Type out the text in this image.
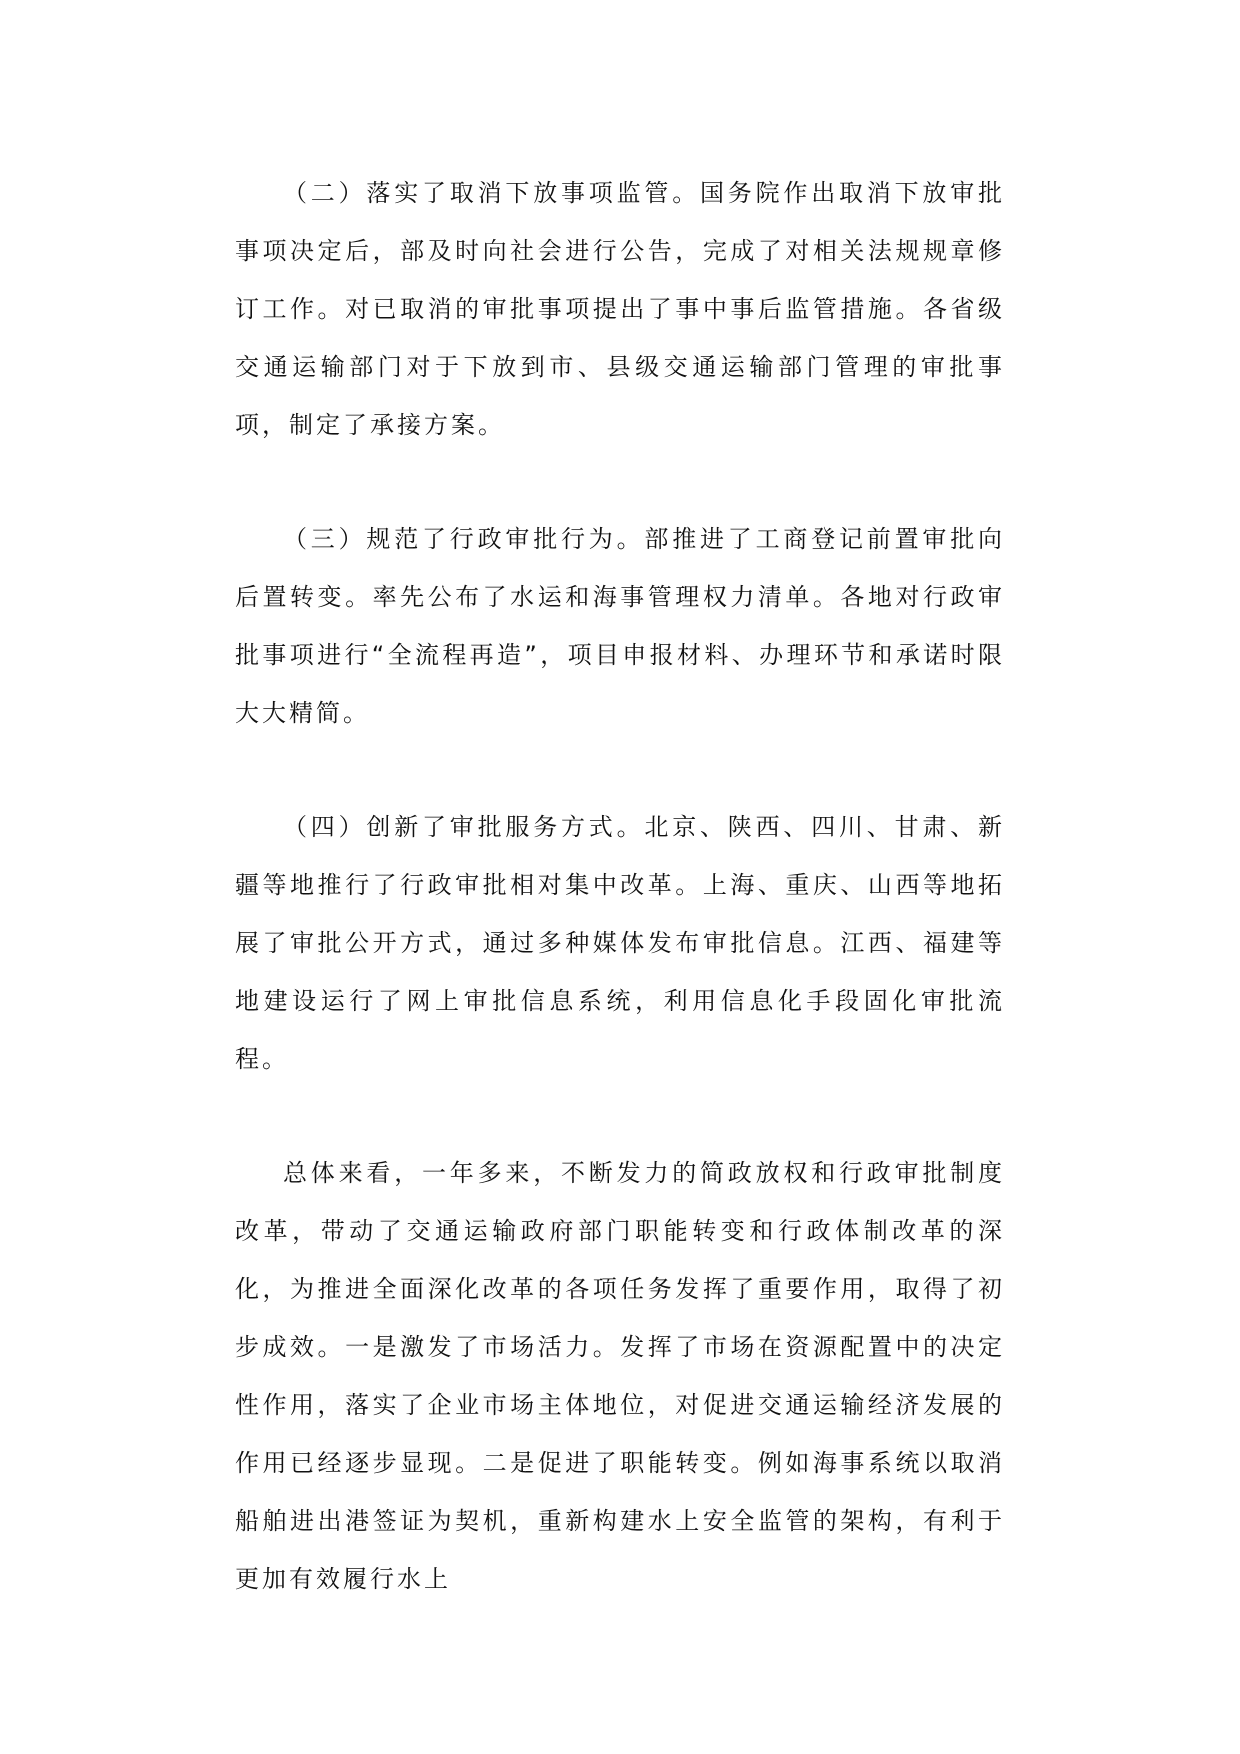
（二）落实了取消下放事项监管。国务院作出取消下放审批事项决定后，部及时向社会进行公告，完成了对相关法规规章修订工作。对已取消的审批事项提出了事中事后监管措施。各省级交通运输部门对于下放到市、县级交通运输部门管理的审批事项，制定了承接方案。

（三）规范了行政审批行为。部推进了工商登记前置审批向后置转变。率先公布了水运和海事管理权力清单。各地对行政审批事项进行“全流程再造”，项目申报材料、办理环节和承诺时限大大精简。

（四）创新了审批服务方式。北京、陕西、四川、甘肃、新疆等地推行了行政审批相对集中改革。上海、重庆、山西等地拓展了审批公开方式，通过多种媒体发布审批信息。江西、福建等地建设运行了网上审批信息系统，利用信息化手段固化审批流程。

总体来看，一年多来，不断发力的简政放权和行政审批制度改革，带动了交通运输政府部门职能转变和行政体制改革的深化，为推进全面深化改革的各项任务发挥了重要作用，取得了初步成效。一是激发了市场活力。发挥了市场在资源配置中的决定性作用，落实了企业市场主体地位，对促进交通运输经济发展的作用已经逐步显现。二是促进了职能转变。例如海事系统以取消船舶进出港签证为契机，重新构建水上安全监管的架构，有利于更加有效履行水上
